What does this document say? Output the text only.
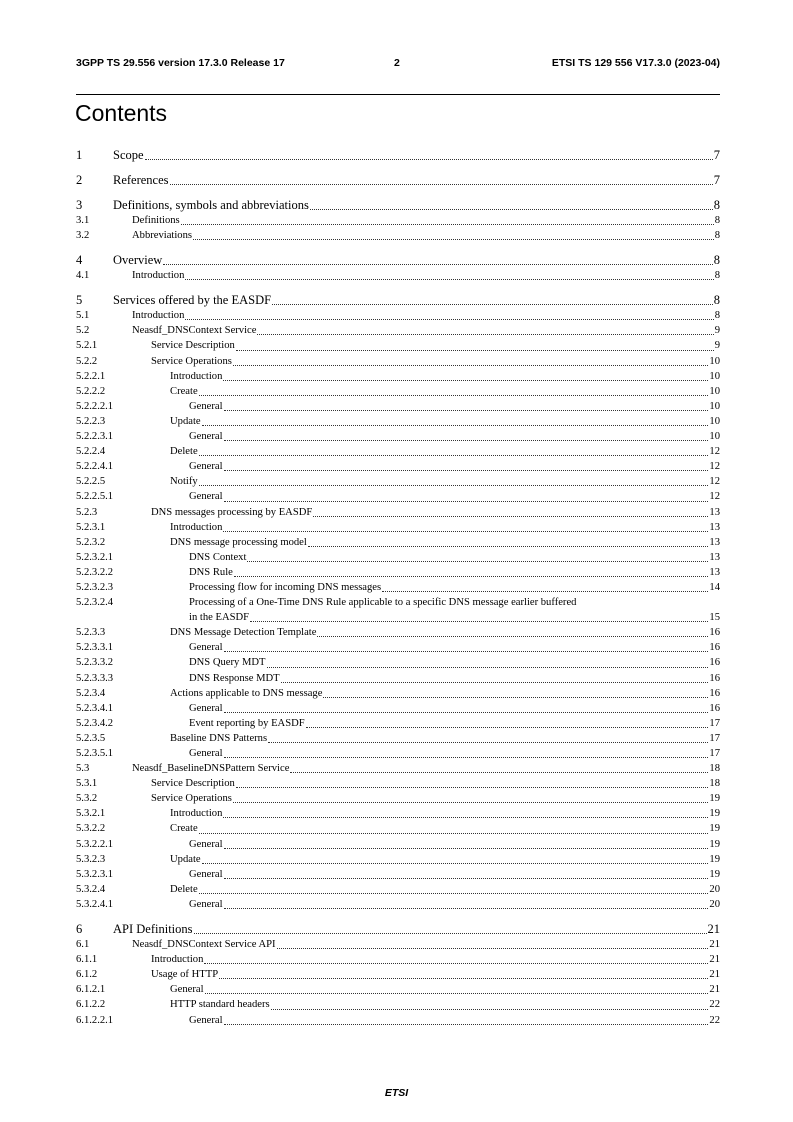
3GPP TS 29.556 version 17.3.0 Release 17	2	ETSI TS 129 556 V17.3.0 (2023-04)
Contents
1 Scope	7
2 References	7
3 Definitions, symbols and abbreviations	8
3.1	Definitions	8
3.2	Abbreviations	8
4 Overview	8
4.1	Introduction	8
5 Services offered by the EASDF	8
5.1	Introduction	8
5.2	Neasdf_DNSContext Service	9
5.2.1	Service Description	9
5.2.2	Service Operations	10
5.2.2.1	Introduction	10
5.2.2.2	Create	10
5.2.2.2.1	General	10
5.2.2.3	Update	10
5.2.2.3.1	General	10
5.2.2.4	Delete	12
5.2.2.4.1	General	12
5.2.2.5	Notify	12
5.2.2.5.1	General	12
5.2.3	DNS messages processing by EASDF	13
5.2.3.1	Introduction	13
5.2.3.2	DNS message processing model	13
5.2.3.2.1	DNS Context	13
5.2.3.2.2	DNS Rule	13
5.2.3.2.3	Processing flow for incoming DNS messages	14
5.2.3.2.4	Processing of a One-Time DNS Rule applicable to a specific DNS message earlier buffered
in the EASDF	15
5.2.3.3	DNS Message Detection Template	16
5.2.3.3.1	General	16
5.2.3.3.2	DNS Query MDT	16
5.2.3.3.3	DNS Response MDT	16
5.2.3.4	Actions applicable to DNS message	16
5.2.3.4.1	General	16
5.2.3.4.2	Event reporting by EASDF	17
5.2.3.5	Baseline DNS Patterns	17
5.2.3.5.1	General	17
5.3	Neasdf_BaselineDNSPattern Service	18
5.3.1	Service Description	18
5.3.2	Service Operations	19
5.3.2.1	Introduction	19
5.3.2.2	Create	19
5.3.2.2.1	General	19
5.3.2.3	Update	19
5.3.2.3.1	General	19
5.3.2.4	Delete	20
5.3.2.4.1	General	20
6 API Definitions	21
6.1	Neasdf_DNSContext Service API	21
6.1.1	Introduction	21
6.1.2	Usage of HTTP	21
6.1.2.1	General	21
6.1.2.2	HTTP standard headers	22
6.1.2.2.1	General	22
ETSI
